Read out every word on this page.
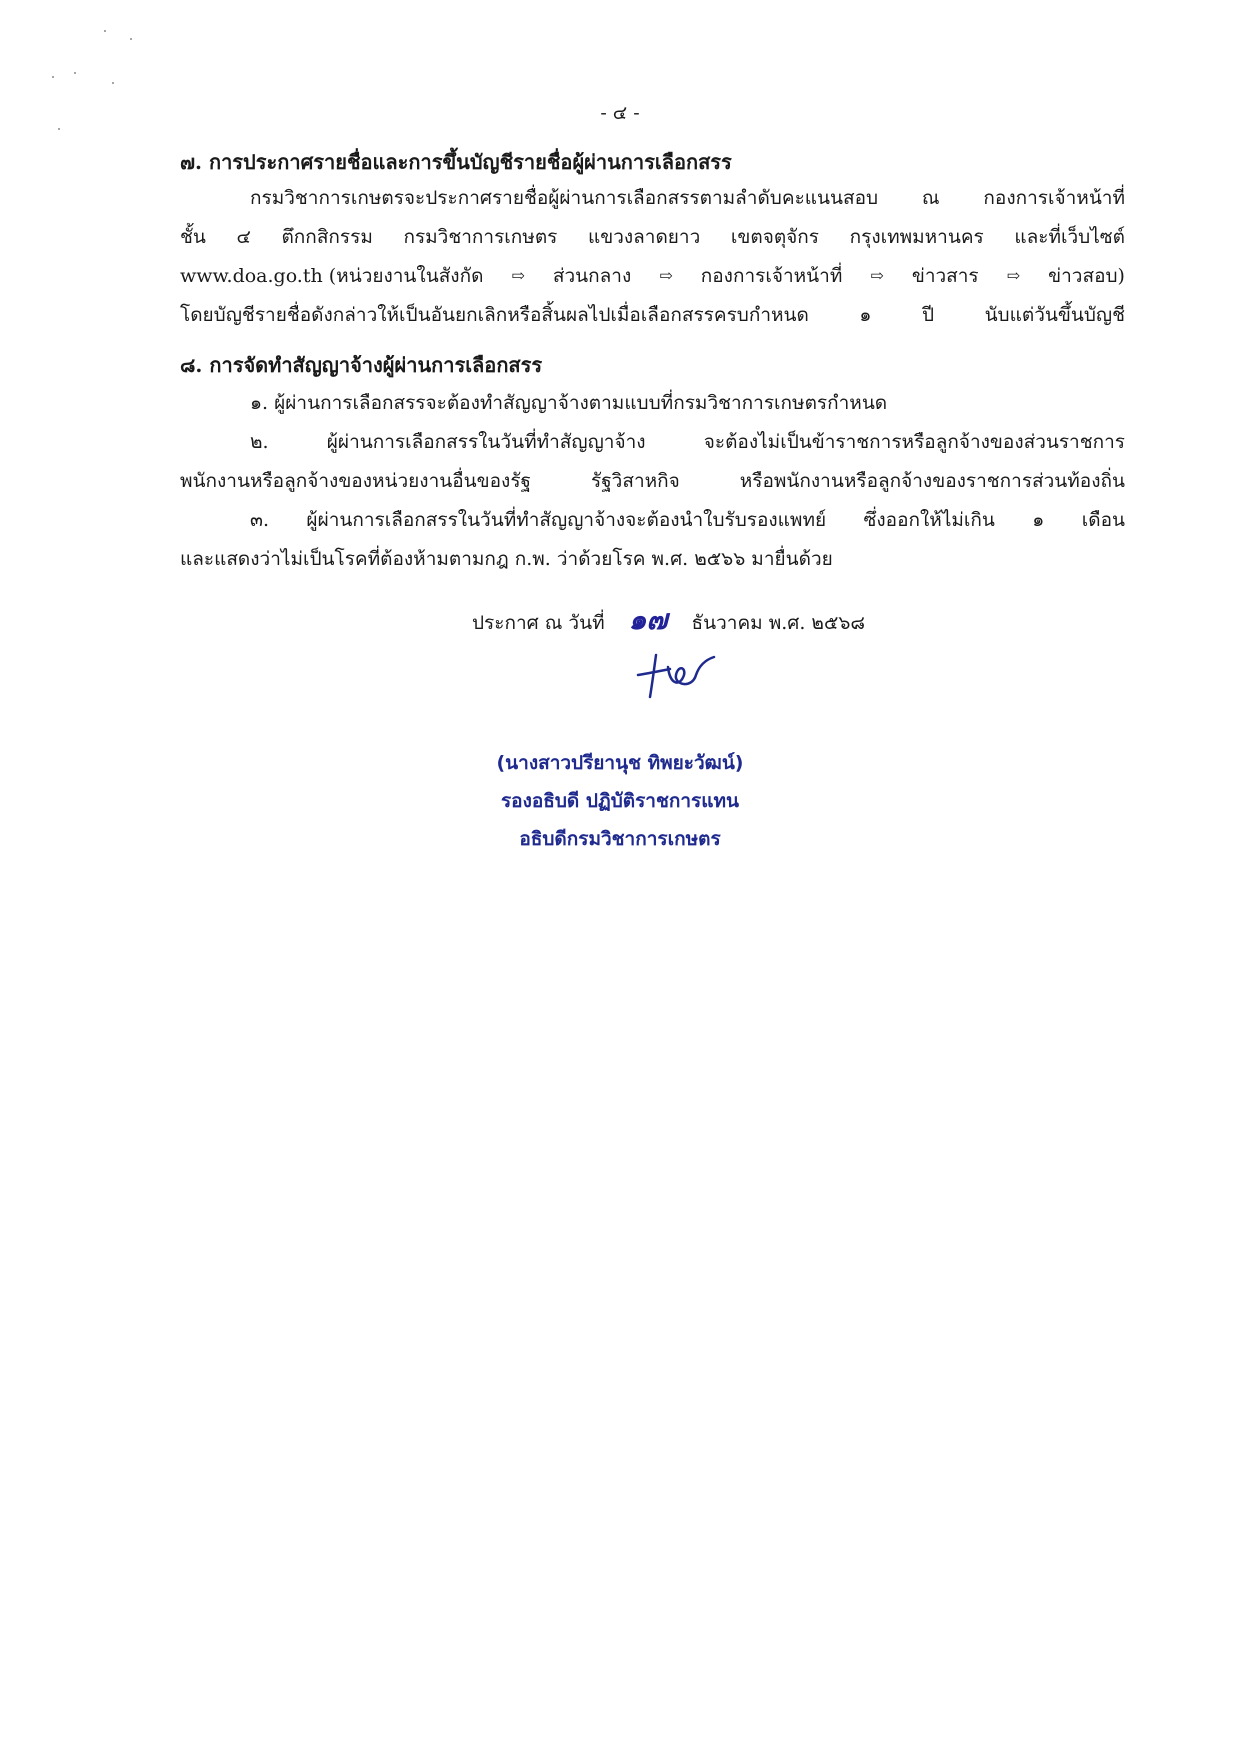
- ๔ -
๗. การประกาศรายชื่อและการขึ้นบัญชีรายชื่อผู้ผ่านการเลือกสรร
กรมวิชาการเกษตรจะประกาศรายชื่อผู้ผ่านการเลือกสรรตามลำดับคะแนนสอบ ณ กองการเจ้าหน้าที่
ชั้น ๔ ตึกกสิกรรม กรมวิชาการเกษตร แขวงลาดยาว เขตจตุจักร กรุงเทพมหานคร และที่เว็บไซต์
www.doa.go.th (หน่วยงานในสังกัด ⇨ ส่วนกลาง ⇨ กองการเจ้าหน้าที่ ⇨ ข่าวสาร ⇨ ข่าวสอบ)
โดยบัญชีรายชื่อดังกล่าวให้เป็นอันยกเลิกหรือสิ้นผลไปเมื่อเลือกสรรครบกำหนด ๑ ปี นับแต่วันขึ้นบัญชี
๘. การจัดทำสัญญาจ้างผู้ผ่านการเลือกสรร
๑. ผู้ผ่านการเลือกสรรจะต้องทำสัญญาจ้างตามแบบที่กรมวิชาการเกษตรกำหนด
๒. ผู้ผ่านการเลือกสรรในวันที่ทำสัญญาจ้าง จะต้องไม่เป็นข้าราชการหรือลูกจ้างของส่วนราชการ
พนักงานหรือลูกจ้างของหน่วยงานอื่นของรัฐ รัฐวิสาหกิจ หรือพนักงานหรือลูกจ้างของราชการส่วนท้องถิ่น
๓. ผู้ผ่านการเลือกสรรในวันที่ทำสัญญาจ้างจะต้องนำใบรับรองแพทย์ ซึ่งออกให้ไม่เกิน ๑ เดือน
และแสดงว่าไม่เป็นโรคที่ต้องห้ามตามกฎ ก.พ. ว่าด้วยโรค พ.ศ. ๒๕๖๖ มายื่นด้วย
ประกาศ ณ วันที่ ๑๗ ธันวาคม พ.ศ. ๒๕๖๘
(นางสาวปรียานุช ทิพยะวัฒน์)
รองอธิบดี ปฏิบัติราชการแทน
อธิบดีกรมวิชาการเกษตร
